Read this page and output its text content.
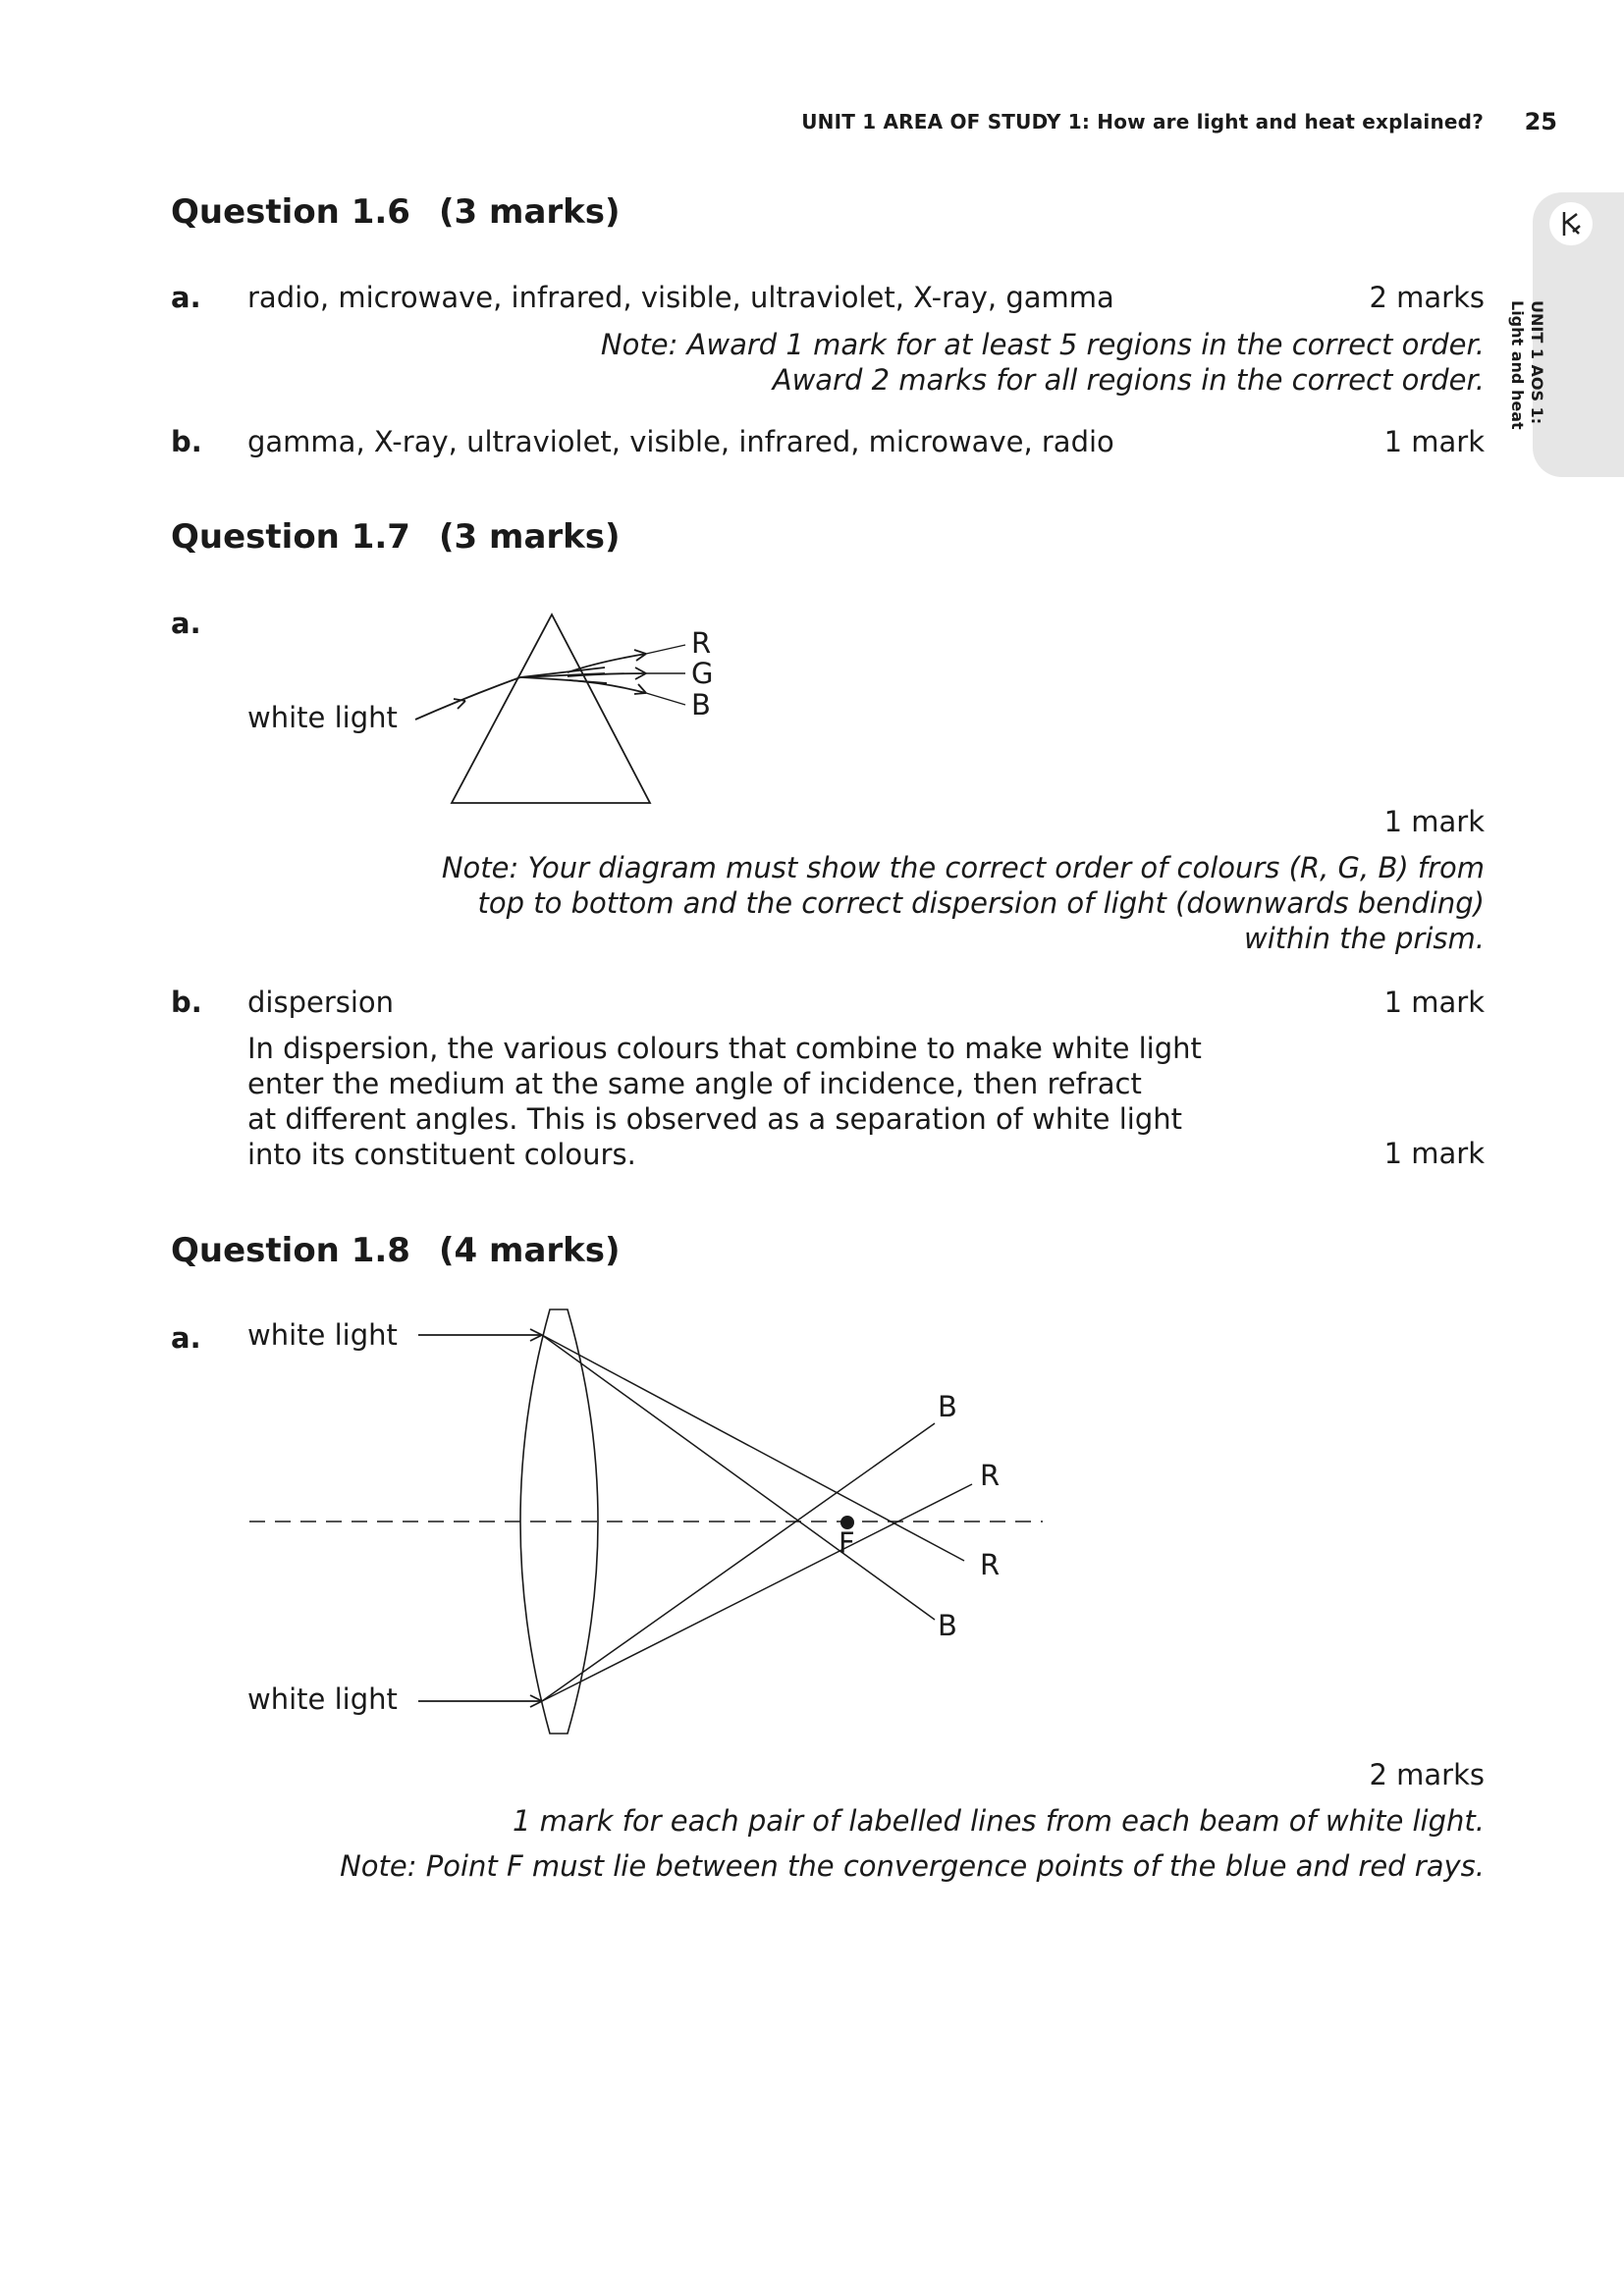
UNIT 1 AREA OF STUDY 1: How are light and heat explained? 25
UNIT 1 AOS 1:
Light and heat
Question 1.6 (3 marks)
a. radio, microwave, infrared, visible, ultraviolet, X-ray, gamma	2 marks
Note: Award 1 mark for at least 5 regions in the correct order.
Award 2 marks for all regions in the correct order.
b. gamma, X-ray, ultraviolet, visible, infrared, microwave, radio	1 mark
Question 1.7 (3 marks)
a.
white light
R
G
B
1 mark
Note: Your diagram must show the correct order of colours (R, G, B) from
top to bottom and the correct dispersion of light (downwards bending)
within the prism.
b. dispersion	1 mark
In dispersion, the various colours that combine to make white light
enter the medium at the same angle of incidence, then refract
at different angles. This is observed as a separation of white light
into its constituent colours.	1 mark
Question 1.8 (4 marks)
a. white light
white light
F
B
R
R
B
2 marks
1 mark for each pair of labelled lines from each beam of white light.
Note: Point F must lie between the convergence points of the blue and red rays.
